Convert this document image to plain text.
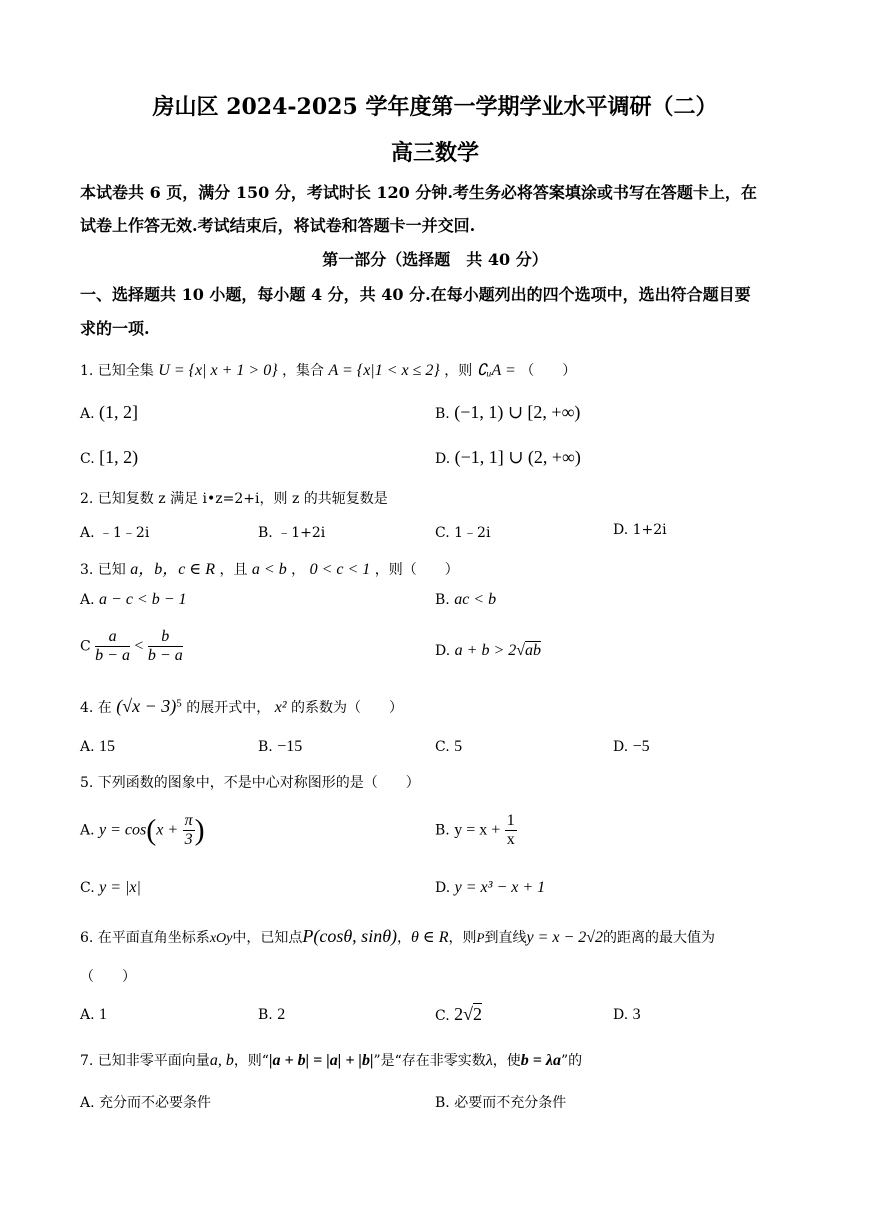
房山区 2024-2025 学年度第一学期学业水平调研（二）
高三数学
本试卷共 6 页，满分 150 分，考试时长 120 分钟.考生务必将答案填涂或书写在答题卡上，在
试卷上作答无效.考试结束后，将试卷和答题卡一并交回.
第一部分（选择题　共 40 分）
一、选择题共 10 小题，每小题 4 分，共 40 分.在每小题列出的四个选项中，选出符合题目要
求的一项.
1. 已知全集 U = {x| x + 1 > 0} ，集合 A = {x|1 < x ≤ 2} ，则 ∁ᵤA = （　　）
A. (1, 2]	B. (−1, 1) ∪ [2, +∞)
C. [1, 2)	D. (−1, 1] ∪ (2, +∞)
2. 已知复数 z 满足 i•z=2+i，则 z 的共轭复数是
A. ﹣1﹣2i	B. ﹣1+2i	C. 1﹣2i	D. 1+2i
3. 已知 a，b，c ∈ R ，且 a < b ， 0 < c < 1 ，则（　　）
A. a − c < b − 1	B. ac < b
C $\frac{a}{b - a} < \frac{b}{b - a}$	D. a + b > 2√ab
4. 在 $(√x - 3)^5$ 的展开式中， x² 的系数为（　　）
A. 15	B. −15	C. 5	D. −5
5. 下列函数的图象中，不是中心对称图形的是（　　）
A. $y = \cos(x + \frac{\pi}{3}$ )	B. $y = x + \frac{1}{x}$
C. y = |x|	D. y = x³ − x + 1
6. 在平面直角坐标系xOy中，已知点P(cosθ, sinθ)，θ ∈ R，则P到直线y = x − 2√2的距离的最大值为
（　　）
A. 1	B. 2	C. 2√2	D. 3
7. 已知非零平面向量a, b，则“|a + b| = |a| + |b|”是“存在非零实数λ，使b = λa”的
A. 充分而不必要条件	B. 必要而不充分条件
